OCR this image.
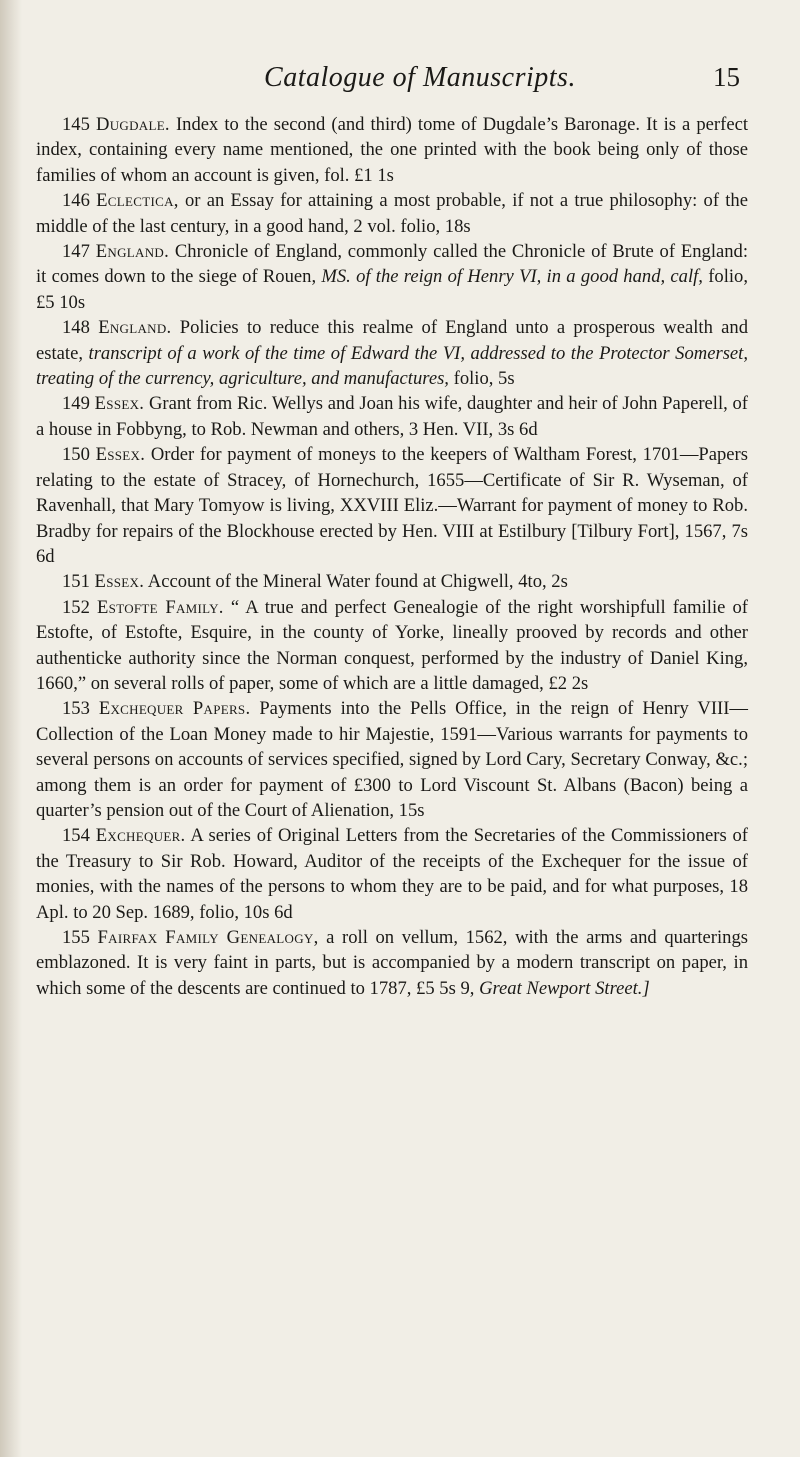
Catalogue of Manuscripts.	15

145 Dugdale. Index to the second (and third) tome of Dugdale’s Baronage. It is a perfect index, containing every name mentioned, the one printed with the book being only of those families of whom an account is given, fol. £1 1s

146 Eclectica, or an Essay for attaining a most probable, if not a true philosophy: of the middle of the last century, in a good hand, 2 vol. folio, 18s

147 England. Chronicle of England, commonly called the Chronicle of Brute of England: it comes down to the siege of Rouen, MS. of the reign of Henry VI, in a good hand, calf, folio, £5 10s

148 England. Policies to reduce this realme of England unto a prosperous wealth and estate, transcript of a work of the time of Edward the VI, addressed to the Protector Somerset, treating of the currency, agriculture, and manufactures, folio, 5s

149 Essex. Grant from Ric. Wellys and Joan his wife, daughter and heir of John Paperell, of a house in Fobbyng, to Rob. Newman and others, 3 Hen. VII, 3s 6d

150 Essex. Order for payment of moneys to the keepers of Waltham Forest, 1701—Papers relating to the estate of Stracey, of Hornechurch, 1655—Certificate of Sir R. Wyseman, of Ravenhall, that Mary Tomyow is living, XXVIII Eliz.—Warrant for payment of money to Rob. Bradby for repairs of the Blockhouse erected by Hen. VIII at Estilbury [Tilbury Fort], 1567, 7s 6d

151 Essex. Account of the Mineral Water found at Chigwell, 4to, 2s

152 Estofte Family. “ A true and perfect Genealogie of the right worshipfull familie of Estofte, of Estofte, Esquire, in the county of Yorke, lineally prooved by records and other authenticke authority since the Norman conquest, performed by the industry of Daniel King, 1660,” on several rolls of paper, some of which are a little damaged, £2 2s

153 Exchequer Papers. Payments into the Pells Office, in the reign of Henry VIII—Collection of the Loan Money made to hir Majestie, 1591—Various warrants for payments to several persons on accounts of services specified, signed by Lord Cary, Secretary Conway, &c.; among them is an order for payment of £300 to Lord Viscount St. Albans (Bacon) being a quarter’s pension out of the Court of Alienation, 15s

154 Exchequer. A series of Original Letters from the Secretaries of the Commissioners of the Treasury to Sir Rob. Howard, Auditor of the receipts of the Exchequer for the issue of monies, with the names of the persons to whom they are to be paid, and for what purposes, 18 Apl. to 20 Sep. 1689, folio, 10s 6d

155 Fairfax Family Genealogy, a roll on vellum, 1562, with the arms and quarterings emblazoned. It is very faint in parts, but is accompanied by a modern transcript on paper, in which some of the descents are continued to 1787, £5 5s 9, Great Newport Street.]
